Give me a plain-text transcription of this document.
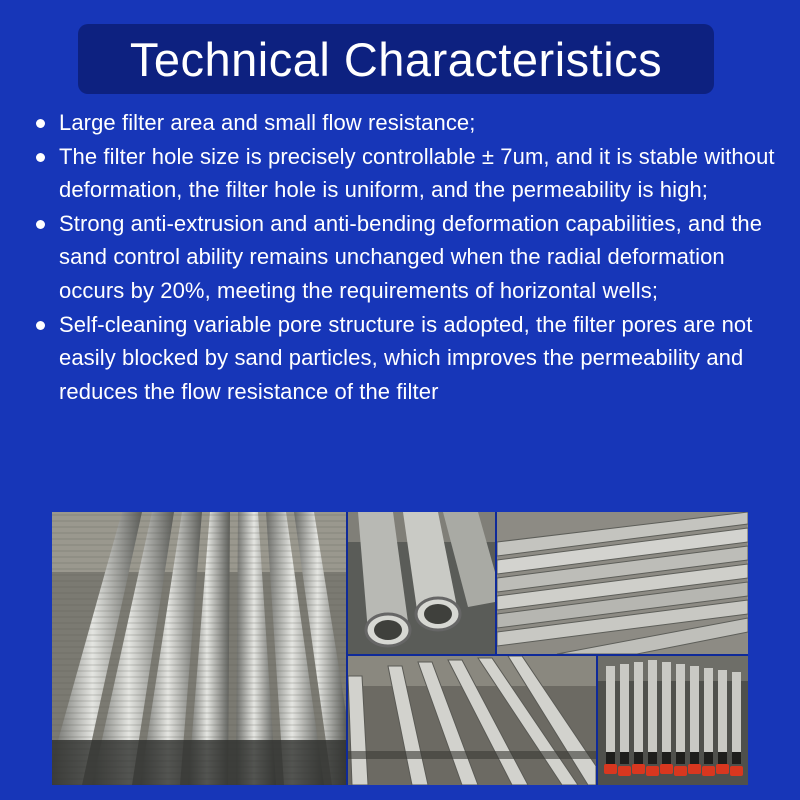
Technical Characteristics
Large filter area and small flow resistance;
The filter hole size is precisely controllable ± 7um, and it is stable without deformation, the filter hole is uniform, and the permeability is high;
Strong anti-extrusion and anti-bending deformation capabilities, and the sand control ability remains unchanged when the radial deformation occurs by 20%, meeting the requirements of horizontal wells;
Self-cleaning variable pore structure is adopted, the filter pores are not easily blocked by sand particles, which improves the permeability and reduces the flow resistance of the filter
